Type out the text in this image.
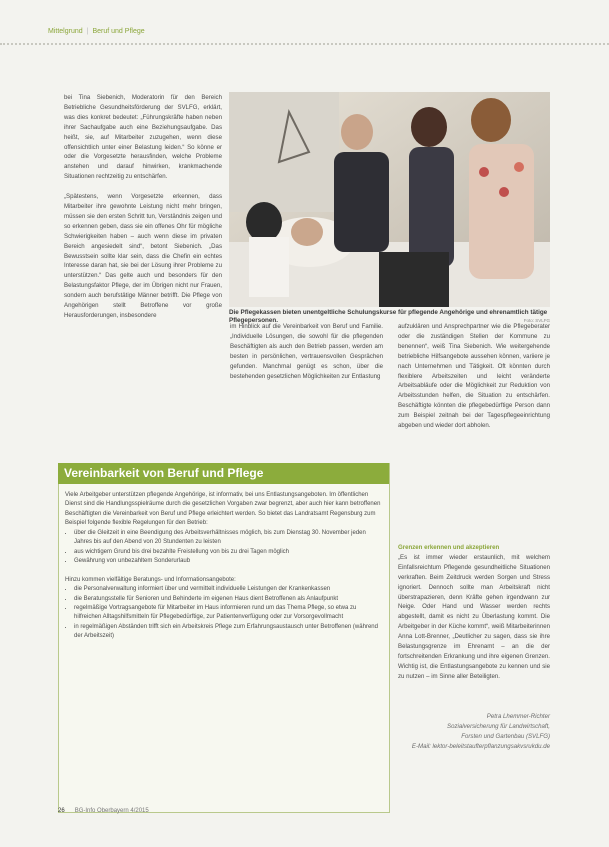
Mittelgrund | Beruf und Pflege
bei Tina Siebenich, Moderatorin für den Bereich Betriebliche Gesundheitsförderung der SVLFG, erklärt, was dies konkret bedeutet: „Führungskräfte haben neben ihrer Sachaufgabe auch eine Beziehungsaufgabe. Das heißt, sie, auf Mitarbeiter zuzugehen, wenn diese offensichtlich unter einer Belastung leiden.“ So könne er oder die Vorgesetzte herausfinden, welche Probleme anstehen und darauf hinwirken, krankmachende Situationen rechtzeitig zu entschärfen.

„Spätestens, wenn Vorgesetzte erkennen, dass Mitarbeiter ihre gewohnte Leistung nicht mehr bringen, müssen sie den ersten Schritt tun, Verständnis zeigen und so erkennen geben, dass sie ein offenes Ohr für mögliche Schwierigkeiten haben – auch wenn diese im privaten Bereich angesiedelt sind“, betont Siebenich. „Das Bewusstsein sollte klar sein, dass die Chefin ein echtes Interesse daran hat, sie bei der Lösung ihrer Probleme zu unterstützen.“ Das gelte auch und besonders für den Belastungsfaktor Pflege, der im Übrigen nicht nur Frauen, sondern auch berufstätige Männer betrifft. Die Pflege von Angehörigen stellt Betroffene vor große Herausforderungen, insbesondere	Die Pflegekassen bieten unentgeltliche Schulungskurse für pflegende Angehörige und ehrenamtlich tätige Pflegepersonen.	Foto: SVLFG
im Hinblick auf die Vereinbarkeit von Beruf und Familie. „Individuelle Lösungen, die sowohl für die pflegenden Beschäftigten als auch den Betrieb passen, werden am besten in persönlichen, vertrauensvollen Gesprächen gefunden. Manchmal genügt es schon, über die bestehenden gesetzlichen Möglichkeiten zur Entlastung
aufzuklären und Ansprechpartner wie die Pflegeberater oder die zuständigen Stellen der Kommune zu benennen“, weiß Tina Siebenich. Wie weitergehende betriebliche Hilfsangebote aussehen können, variiere je nach Unternehmen und Tätigkeit. Oft könnten durch flexiblere Arbeitszeiten und leicht veränderte Arbeitsabläufe oder die Möglichkeit zur Reduktion von Arbeitsstunden helfen, die Situation zu entschärfen. Beschäftigte könnten die pflegebedürftige Person dann zum Beispiel zeitnah bei der Tagespflegeeinrichtung abgeben und wieder dort abholen.
Grenzen erkennen und akzeptieren
„Es ist immer wieder erstaunlich, mit welchem Einfallsreichtum Pflegende gesundheitliche Situationen verkraften. Beim Zeitdruck werden Sorgen und Stress ignoriert. Dennoch sollte man Arbeitskraft nicht überstrapazieren, denn Kräfte gehen irgendwann zur Neige. Oder Hand und Wasser werden rechts abgestellt, damit es nicht zu Überlastung kommt. Die Arbeitgeber in der Küche kommt“, weiß Mitarbeiterinnen Anna Lott-Brenner, „Deutlicher zu sagen, dass sie ihre Belastungsgrenze im Ehrenamt – an die der fortschreitenden Erkrankung und ihre eigenen Grenzen. Wichtig ist, die Entlastungsangebote zu kennen und sie zu nutzen – im Sinne aller Beteiligten.
Petra Lhemmer-Richter
Sozialversicherung für Landwirtschaft,
Forsten und Gartenbau (SVLFG)
E-Mail: lektor-beleitstaufterpflanzungsakvsrukdu.de
Vereinbarkeit von Beruf und Pflege

Viele Arbeitgeber unterstützen pflegende Angehörige, ist informativ, bei uns Entlastungsangeboten. Im öffentlichen Dienst sind die Handlungsspielräume durch die gesetzlichen Vorgaben zwar begrenzt, aber auch hier kann betroffenen Beschäftigten die Vereinbarkeit von Beruf und Pflege erleichtert werden. So bietet das Landratsamt Regensburg zum Beispiel folgende flexible Regelungen für den Betrieb:

• über die Gleitzeit in eine Beendigung des Arbeitsverhältnisses möglich, bis zum Dienstag 30. November jeden Jahres bis auf den Abend von 20 Stundenten zu leisten
• aus wichtigem Grund bis drei bezahlte Freistellung von bis zu drei Tagen möglich
• Gewährung von unbezahltem Sonderurlaub

Hinzu kommen vielfältige Beratungs- und Informationsangebote:

• die Personalverwaltung informiert über und vermittelt individuelle Leistungen der Krankenkassen
• die Beratungsstelle für Senioren und Behinderte im eigenen Haus dient Betroffenen als Anlaufpunkt
• regelmäßige Vortragsangebote für Mitarbeiter im Haus informieren rund um das Thema Pflege, so etwa zu hilfreichen Alltagshilfsmitteln für Pflegebedürftige, zur Patientenverfügung oder zur Vorsorgevollmacht
• in regelmäßigen Abständen trifft sich ein Arbeitskreis Pflege zum Erfahrungsaustausch unter Betroffenen (während der Arbeitszeit)
26 BG-Info Oberbayern 4/2015
